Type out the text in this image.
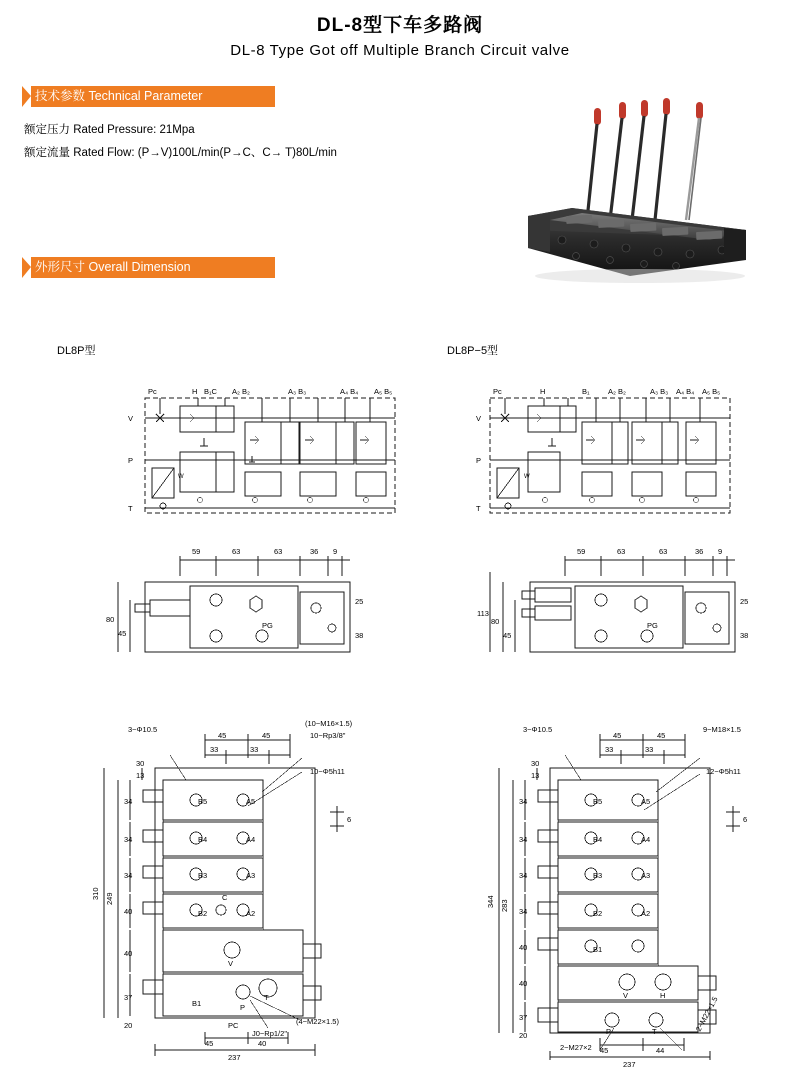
DL-8型下车多路阀
DL-8 Type Got off Multiple Branch Circuit valve
技术参数 Technical Parameter
额定压力 Rated Pressure: 21Mpa
额定流量 Rated Flow: (P→V)100L/min(P→C、C→ T)80L/min
外形尺寸 Overall Dimension
DL8P型	DL8P−5型
Pc	H B₁C A₂ B₂	A₃ B₃	A₄ B₄ A₅ B₅
V
P
T
W
Pc	H	B₁ A₂ B₂	A₃ B₃ A₄ B₄ A₅ B₅
V
P
T
W
59	63	63	36 9
80
45
25
38
PG
59	63	63	36 9
113
80
45
25
38
PG
3−Φ10.5
45	45
33	33
(10−M16×1.5)
10−Rp3/8"
10−Φ5h11
310 249
34
34
34
40
40
37
20
13
30
6
B5	A5
B4	A4
B3	A3
B2
C
A2
V
B1	P
PC
T
(4−M22×1.5)
J0−Rp1/2"
45	40
237
3−Φ10.5
45	45
33	33
9−M18×1.5
12−Φ5h11
344 283
34
34
34
34
40
40
37
20
13
30
6
B5	A5
B4	A4
B3	A3
B2	A2
B1
V	H
P	T
2−M27×2
2−M22×1.5
45	44
237
